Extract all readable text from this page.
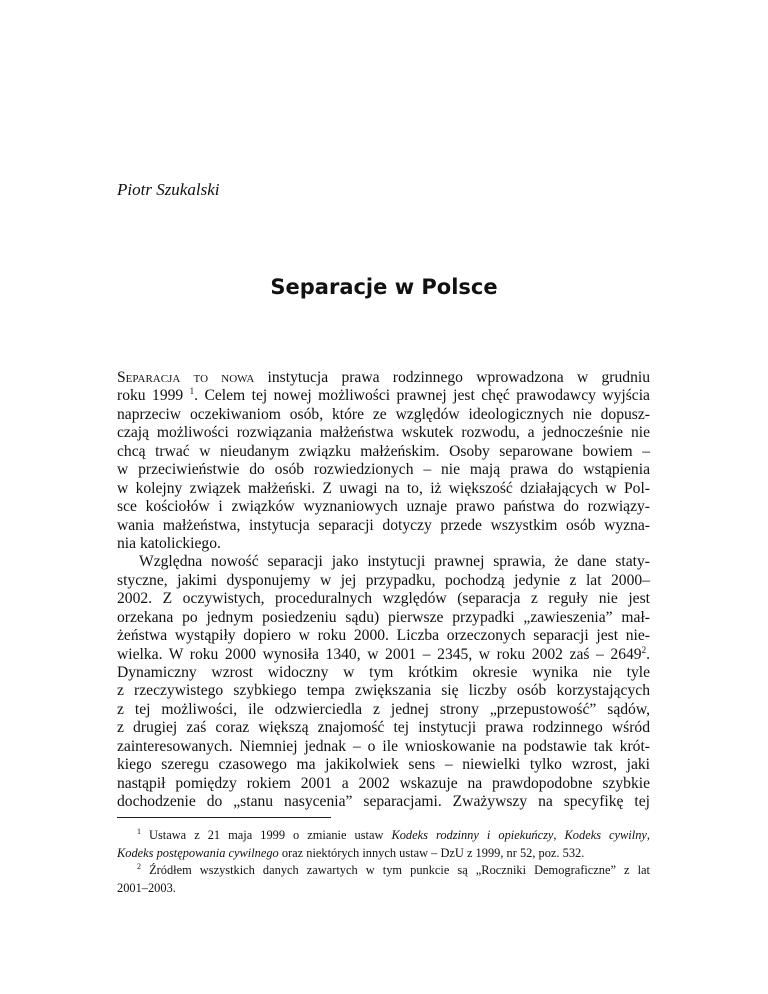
Piotr Szukalski
Separacje w Polsce
Separacja to nowa instytucja prawa rodzinnego wprowadzona w grudniu
roku 1999 $^1$. Celem tej nowej możliwości prawnej jest chęć prawodawcy wyjścia
naprzeciw oczekiwaniom osób, które ze względów ideologicznych nie dopusz-
czają możliwości rozwiązania małżeństwa wskutek rozwodu, a jednocześnie nie
chcą trwać w nieudanym związku małżeńskim. Osoby separowane bowiem –
w przeciwieństwie do osób rozwiedzionych – nie mają prawa do wstąpienia
w kolejny związek małżeński. Z uwagi na to, iż większość działających w Pol-
sce kościołów i związków wyznaniowych uznaje prawo państwa do rozwiązy-
wania małżeństwa, instytucja separacji dotyczy przede wszystkim osób wyzna-
nia katolickiego.
Względna nowość separacji jako instytucji prawnej sprawia, że dane staty-
styczne, jakimi dysponujemy w jej przypadku, pochodzą jedynie z lat 2000–
2002. Z oczywistych, proceduralnych względów (separacja z reguły nie jest
orzekana po jednym posiedzeniu sądu) pierwsze przypadki „zawieszenia” mał-
żeństwa wystąpiły dopiero w roku 2000. Liczba orzeczonych separacji jest nie-
wielka. W roku 2000 wynosiła 1340, w 2001 – 2345, w roku 2002 zaś – 2649$^2$.
Dynamiczny wzrost widoczny w tym krótkim okresie wynika nie tyle
z rzeczywistego szybkiego tempa zwiększania się liczby osób korzystających
z tej możliwości, ile odzwierciedla z jednej strony „przepustowość” sądów,
z drugiej zaś coraz większą znajomość tej instytucji prawa rodzinnego wśród
zainteresowanych. Niemniej jednak – o ile wnioskowanie na podstawie tak krót-
kiego szeregu czasowego ma jakikolwiek sens – niewielki tylko wzrost, jaki
nastąpił pomiędzy rokiem 2001 a 2002 wskazuje na prawdopodobne szybkie
dochodzenie do „stanu nasycenia” separacjami. Zważywszy na specyfikę tej
$^1$ Ustawa z 21 maja 1999 o zmianie ustaw Kodeks rodzinny i opiekuńczy, Kodeks cywilny,
Kodeks postępowania cywilnego oraz niektórych innych ustaw – DzU z 1999, nr 52, poz. 532.
$^2$ Źródłem wszystkich danych zawartych w tym punkcie są „Roczniki Demograficzne” z lat
2001–2003.
